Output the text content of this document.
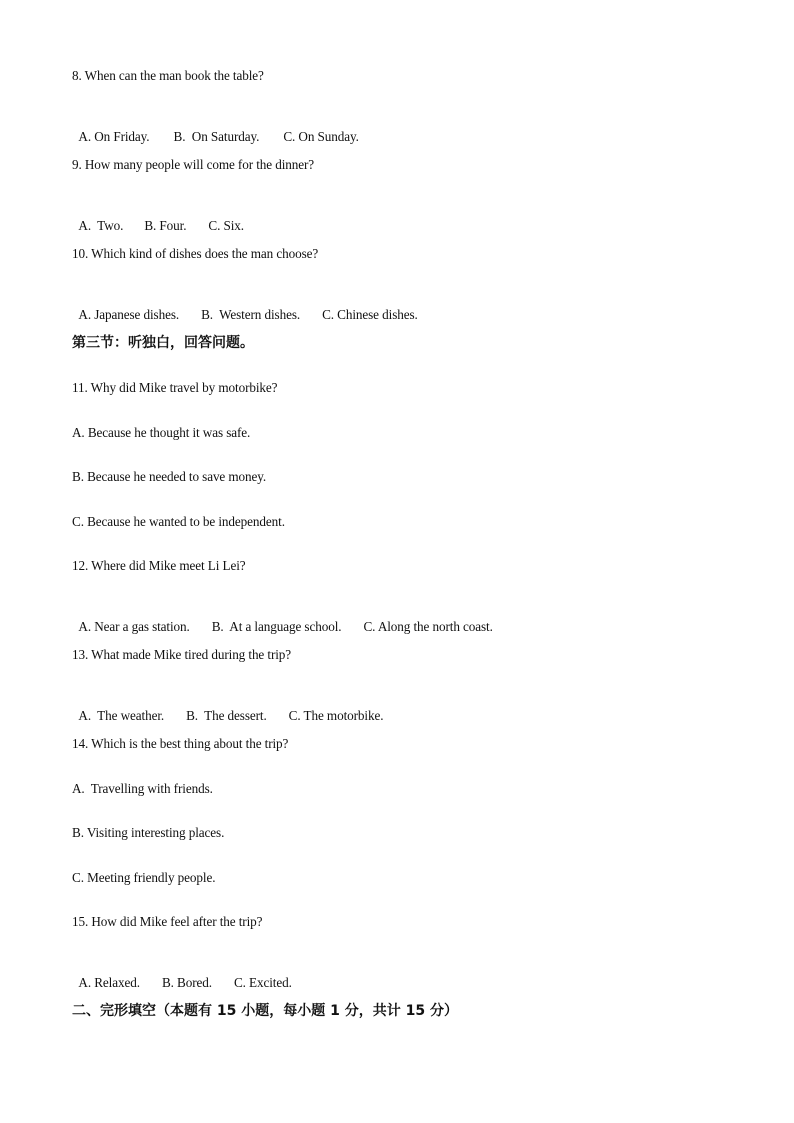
8. When can the man book the table?

A. On Friday. B.  On Saturday. C. On Sunday.

9. How many people will come for the dinner?

A.  Two. B. Four. C. Six.

10. Which kind of dishes does the man choose?

A. Japanese dishes. B.  Western dishes. C. Chinese dishes.

第三节：听独白，回答问题。
11. Why did Mike travel by motorbike?
A. Because he thought it was safe.
B. Because he needed to save money.
C. Because he wanted to be independent.
12. Where did Mike meet Li Lei?

A. Near a gas station. B.  At a language school. C. Along the north coast.

13. What made Mike tired during the trip?

A.  The weather. B.  The dessert. C. The motorbike.

14. Which is the best thing about the trip?
A.  Travelling with friends.
B. Visiting interesting places.
C. Meeting friendly people.
15. How did Mike feel after the trip?

A. Relaxed. B. Bored. C. Excited.

二、完形填空（本题有 15 小题，每小题 1 分，共计 15 分）
